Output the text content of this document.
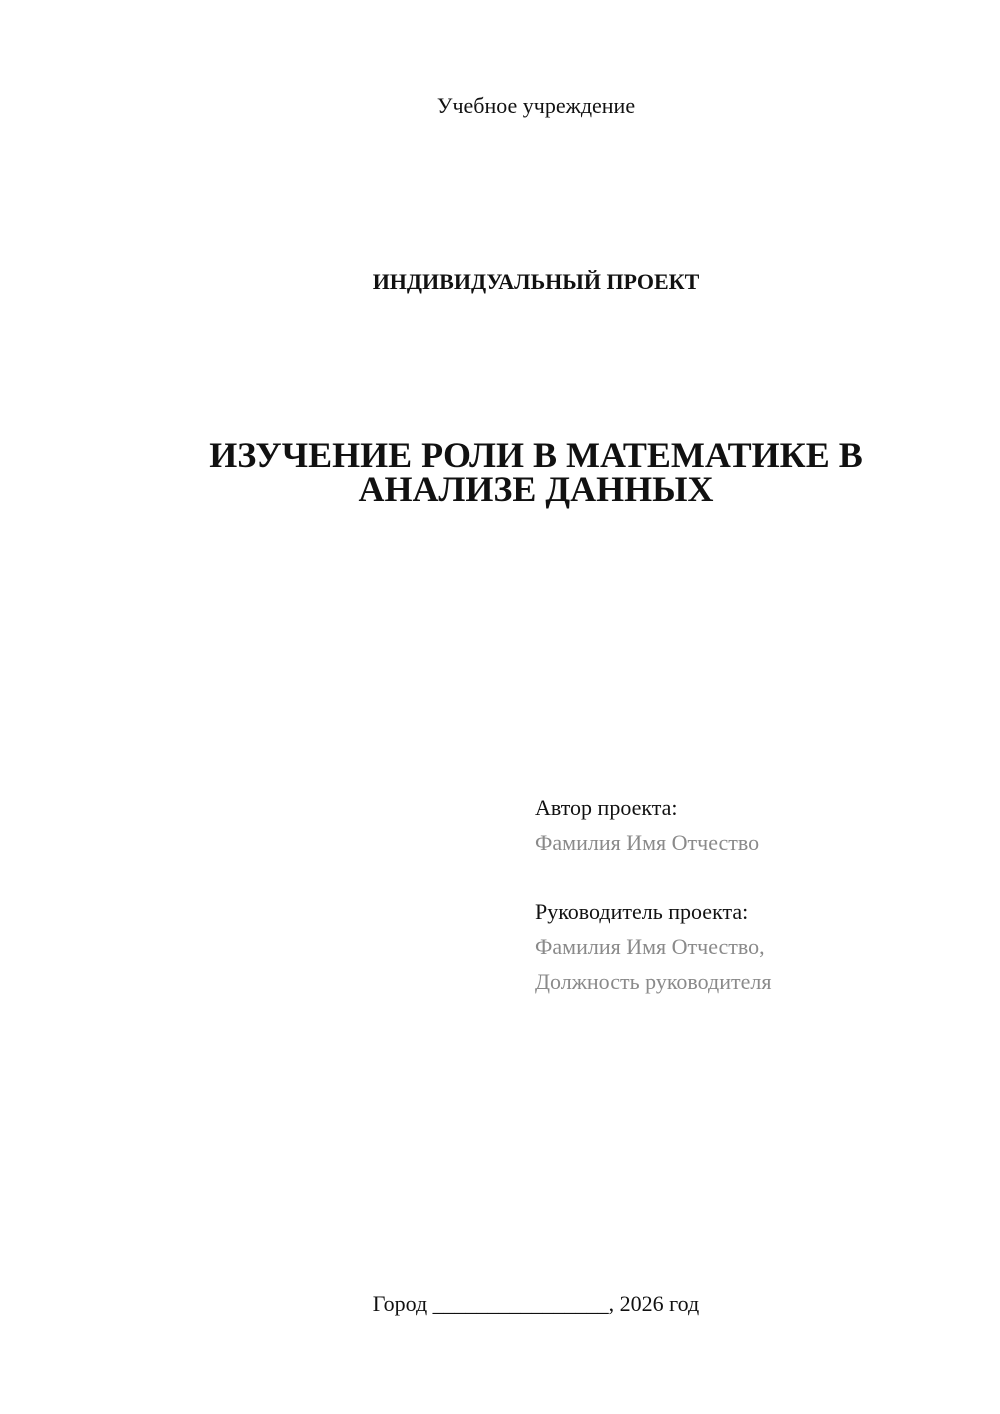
Учебное учреждение
ИНДИВИДУАЛЬНЫЙ ПРОЕКТ
ИЗУЧЕНИЕ РОЛИ В МАТЕМАТИКЕ В
АНАЛИЗЕ ДАННЫХ
Автор проекта:
Фамилия Имя Отчество
Руководитель проекта:
Фамилия Имя Отчество,
Должность руководителя
Город ________________, 2026 год
